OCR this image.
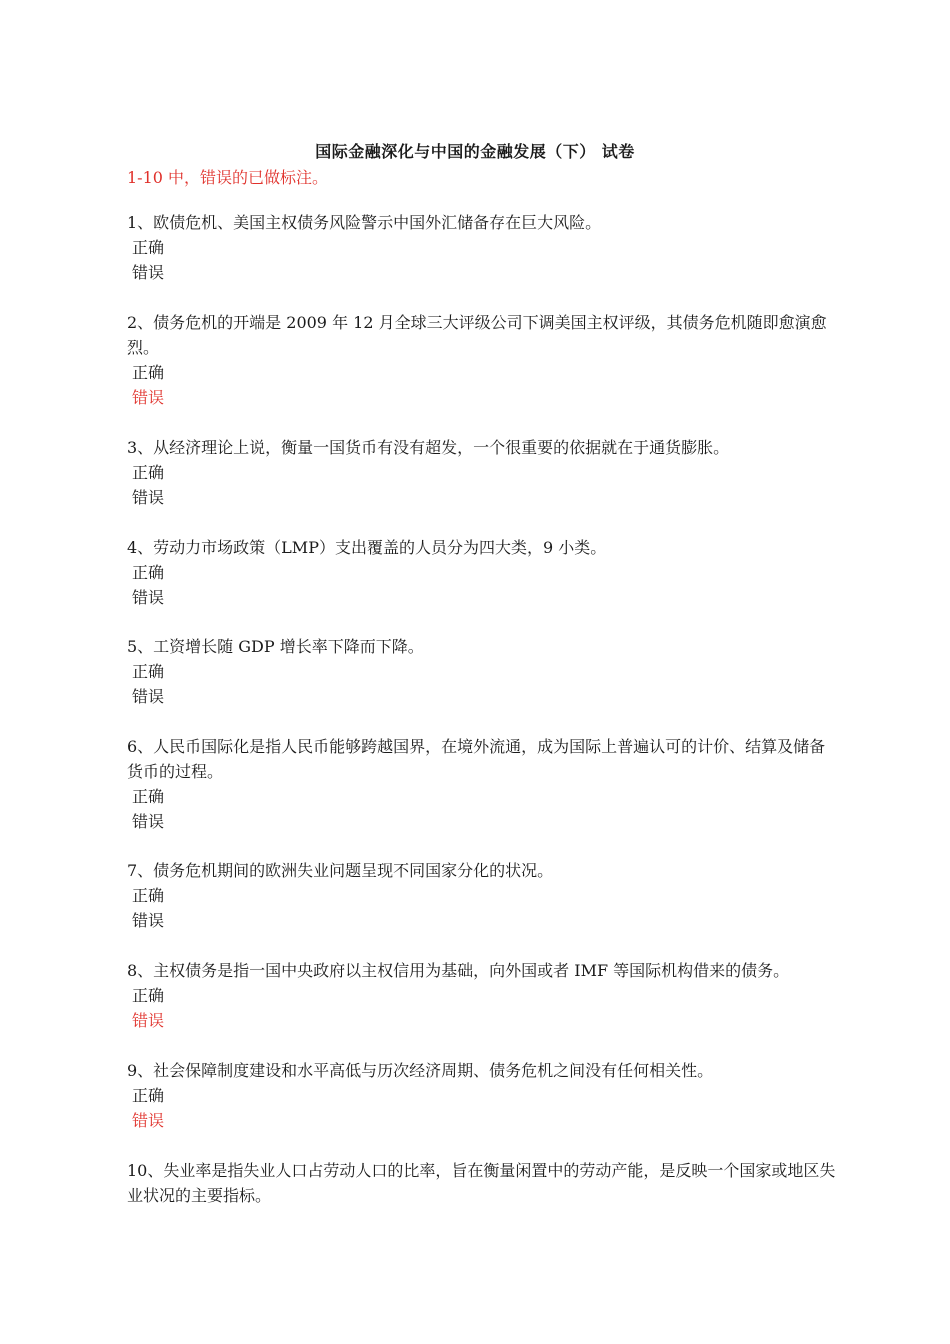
国际金融深化与中国的金融发展（下） 试卷
1-10 中，错误的已做标注。

1、欧债危机、美国主权债务风险警示中国外汇储备存在巨大风险。

正确
错误

2、债务危机的开端是 2009 年 12 月全球三大评级公司下调美国主权评级，其债务危机随即愈演愈烈。

正确
错误

3、从经济理论上说，衡量一国货币有没有超发，一个很重要的依据就在于通货膨胀。

正确
错误

4、劳动力市场政策（LMP）支出覆盖的人员分为四大类，9 小类。

正确
错误

5、工资增长随 GDP 增长率下降而下降。

正确
错误

6、人民币国际化是指人民币能够跨越国界，在境外流通，成为国际上普遍认可的计价、结算及储备货币的过程。

正确
错误

7、债务危机期间的欧洲失业问题呈现不同国家分化的状况。

正确
错误

8、主权债务是指一国中央政府以主权信用为基础，向外国或者 IMF 等国际机构借来的债务。

正确
错误

9、社会保障制度建设和水平高低与历次经济周期、债务危机之间没有任何相关性。

正确
错误

10、失业率是指失业人口占劳动人口的比率，旨在衡量闲置中的劳动产能，是反映一个国家或地区失业状况的主要指标。
